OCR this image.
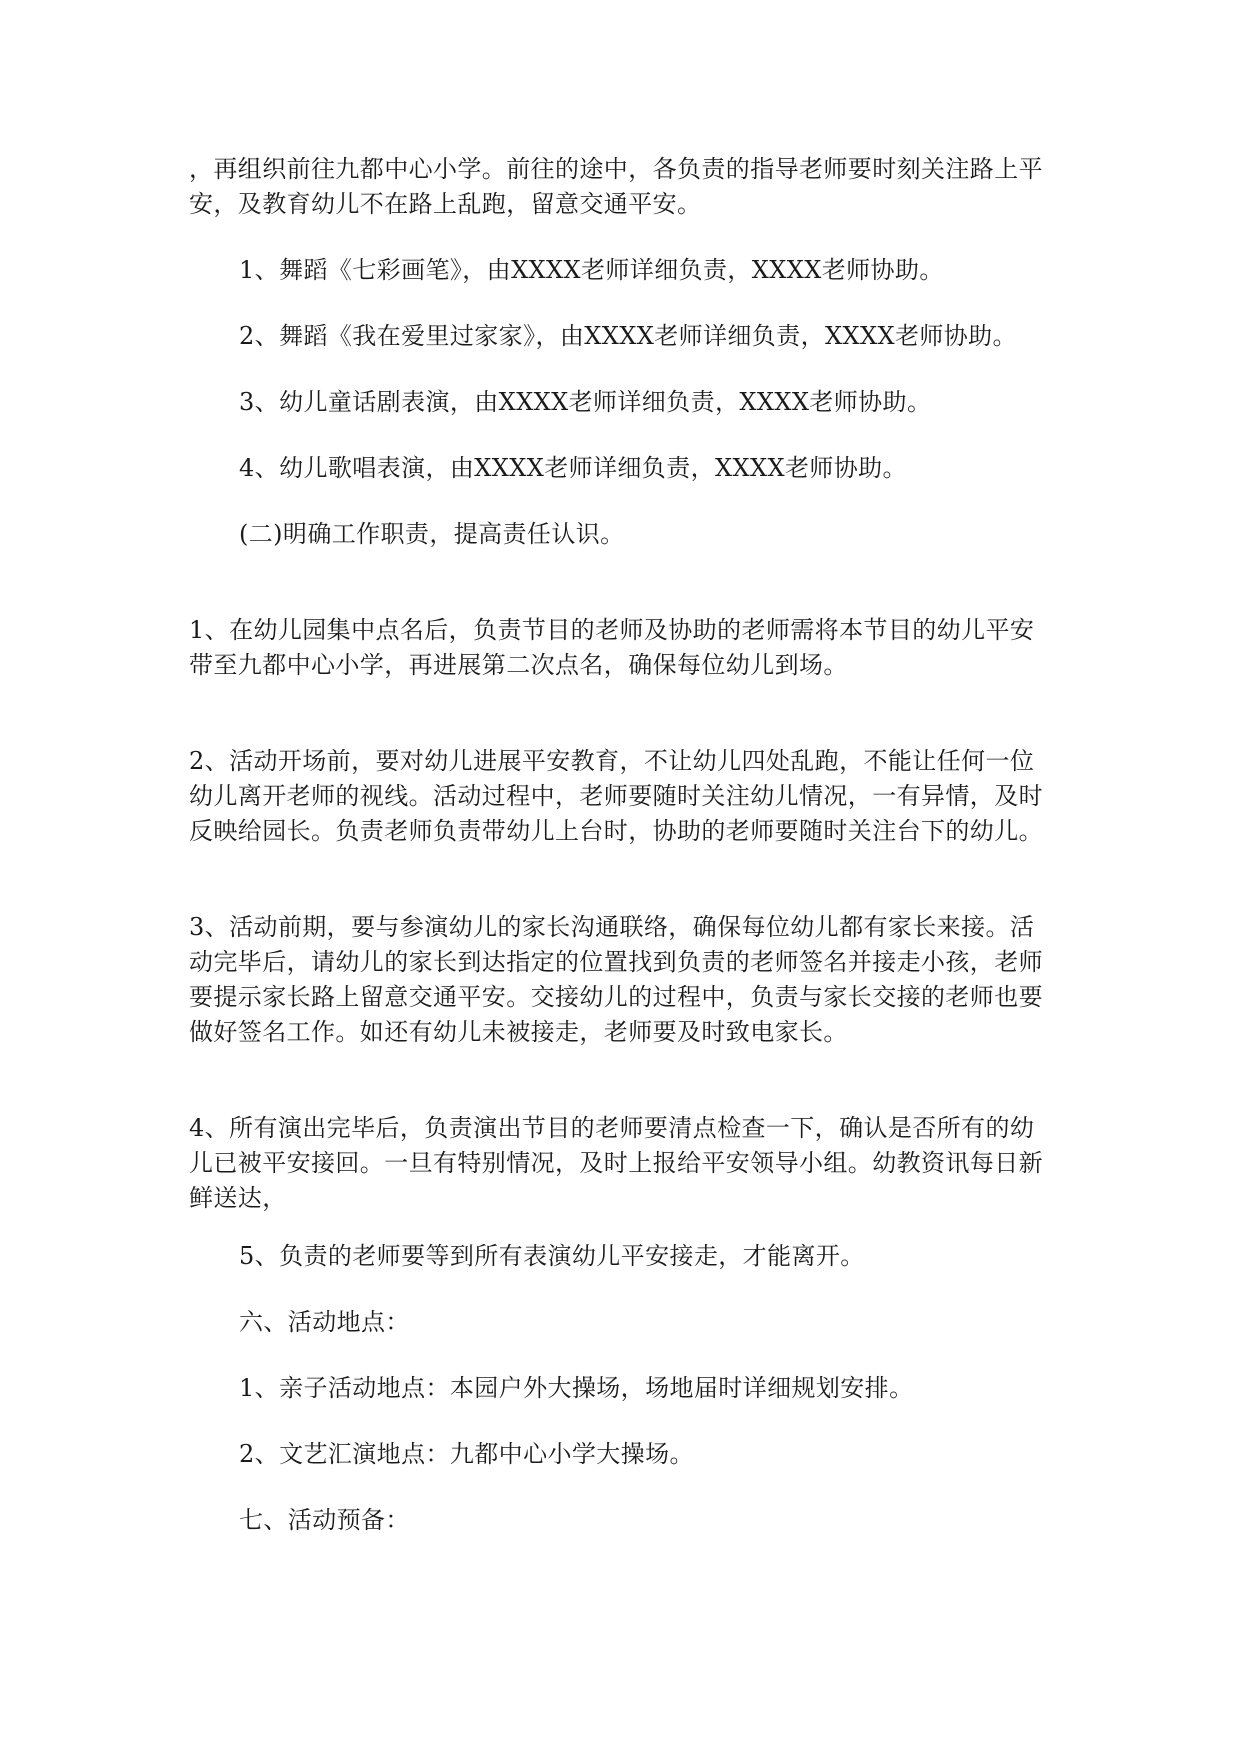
，再组织前往九都中心小学。前往的途中，各负责的指导老师要时刻关注路上平安，及教育幼儿不在路上乱跑，留意交通平安。

1、舞蹈《七彩画笔》，由XXXX老师详细负责，XXXX老师协助。

2、舞蹈《我在爱里过家家》，由XXXX老师详细负责，XXXX老师协助。

3、幼儿童话剧表演，由XXXX老师详细负责，XXXX老师协助。

4、幼儿歌唱表演，由XXXX老师详细负责，XXXX老师协助。

(二)明确工作职责，提高责任认识。

1、在幼儿园集中点名后，负责节目的老师及协助的老师需将本节目的幼儿平安带至九都中心小学，再进展第二次点名，确保每位幼儿到场。

2、活动开场前，要对幼儿进展平安教育，不让幼儿四处乱跑，不能让任何一位幼儿离开老师的视线。活动过程中，老师要随时关注幼儿情况，一有异情，及时反映给园长。负责老师负责带幼儿上台时，协助的老师要随时关注台下的幼儿。

3、活动前期，要与参演幼儿的家长沟通联络，确保每位幼儿都有家长来接。活动完毕后，请幼儿的家长到达指定的位置找到负责的老师签名并接走小孩，老师要提示家长路上留意交通平安。交接幼儿的过程中，负责与家长交接的老师也要做好签名工作。如还有幼儿未被接走，老师要及时致电家长。

4、所有演出完毕后，负责演出节目的老师要清点检查一下，确认是否所有的幼儿已被平安接回。一旦有特别情况，及时上报给平安领导小组。幼教资讯每日新鲜送达，

5、负责的老师要等到所有表演幼儿平安接走，才能离开。

六、活动地点：

1、亲子活动地点：本园户外大操场，场地届时详细规划安排。

2、文艺汇演地点：九都中心小学大操场。

七、活动预备：
